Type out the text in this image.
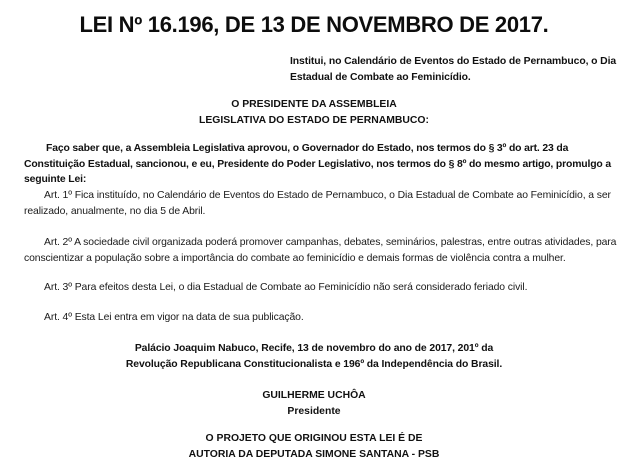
LEI Nº 16.196, DE 13 DE NOVEMBRO DE 2017.
Institui, no Calendário de Eventos do Estado de Pernambuco, o Dia
Estadual de Combate ao Feminicídio.
O PRESIDENTE DA ASSEMBLEIA
LEGISLATIVA DO ESTADO DE PERNAMBUCO:
Faço saber que, a Assembleia Legislativa aprovou, o Governador do Estado, nos termos do § 3º do art. 23 da Constituição Estadual, sancionou, e eu, Presidente do Poder Legislativo, nos termos do § 8º do mesmo artigo, promulgo a seguinte Lei:
Art. 1º Fica instituído, no Calendário de Eventos do Estado de Pernambuco, o Dia Estadual de Combate ao Feminicídio, a ser realizado, anualmente, no dia 5 de Abril.
Art. 2º A sociedade civil organizada poderá promover campanhas, debates, seminários, palestras, entre outras atividades, para conscientizar a população sobre a importância do combate ao feminicídio e demais formas de violência contra a mulher.
Art. 3º Para efeitos desta Lei, o dia Estadual de Combate ao Feminicídio não será considerado feriado civil.
Art. 4º Esta Lei entra em vigor na data de sua publicação.
Palácio Joaquim Nabuco, Recife, 13 de novembro do ano de 2017, 201º da
Revolução Republicana Constitucionalista e 196º da Independência do Brasil.
GUILHERME UCHÔA
Presidente
O PROJETO QUE ORIGINOU ESTA LEI É DE
AUTORIA DA DEPUTADA SIMONE SANTANA - PSB
